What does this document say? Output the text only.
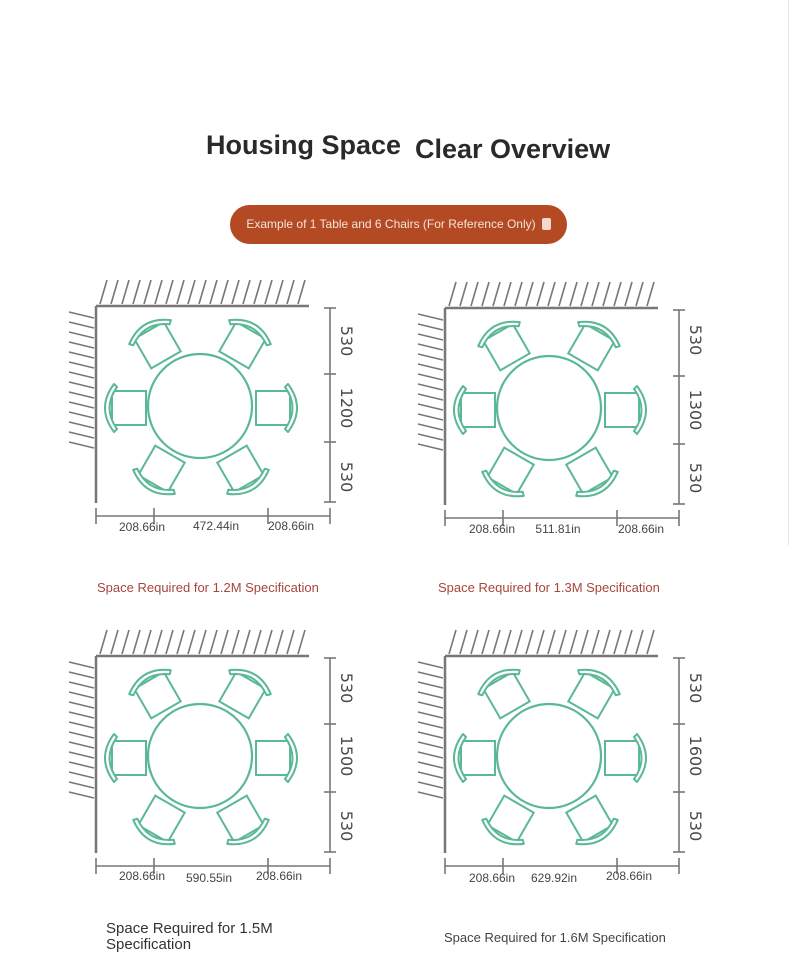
Housing Space Clear Overview
Example of 1 Table and 6 Chairs (For Reference Only)
530
1200
530
208.66in 472.44in 208.66in
530
1300
530
208.66in 511.81in	208.66in
530
1500
530
208.66in 590.55in 208.66in
530
1600
530
208.66in 629.92in 208.66in
Space Required for 1.2M Specification	Space Required for 1.3M Specification
Space Required for 1.5M Specification	Space Required for 1.6M Specification
